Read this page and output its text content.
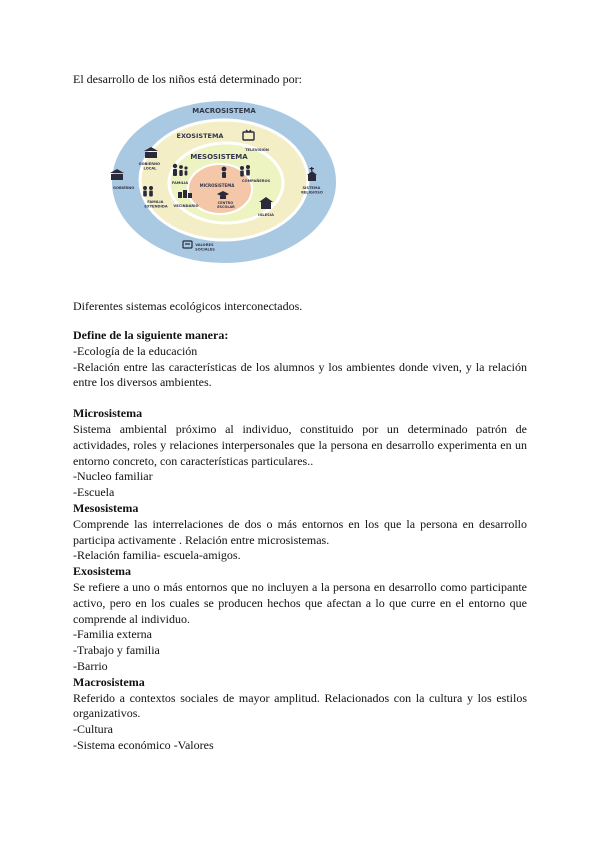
El desarrollo de los niños está determinado por:
MACROSISTEMA
EXOSISTEMA
MESOSISTEMA
MICROSISTEMA
FAMILIA	COMPAÑEROS
VECINDARIO
CENTRO ESCOLAR
GOBIERNO LOCAL
FAMILIA EXTENDIDA
TELEVISIÓN
IGLESIA
GOBIERNO	SISTEMA RELIGIOSO
VALORES SOCIALES
Diferentes sistemas ecológicos interconectados.

Define de la siguiente manera:

-Ecología de la educación

-Relación entre las características de los alumnos y los ambientes donde viven, y la relación entre los diversos ambientes.

Microsistema

Sistema ambiental próximo al individuo, constituido por un determinado patrón de actividades, roles y relaciones interpersonales que la persona en desarrollo experimenta en un entorno concreto, con características particulares..

-Nucleo familiar

-Escuela

Mesosistema

Comprende las interrelaciones de dos o más entornos en los que la persona en desarrollo participa activamente . Relación entre microsistemas.

-Relación familia- escuela-amigos.

Exosistema

Se refiere a uno o más entornos que no incluyen a la persona en desarrollo como participante activo, pero en los cuales se producen hechos que afectan a lo que curre en el entorno que comprende al individuo.

-Familia externa

-Trabajo y familia

-Barrio

Macrosistema

Referido a contextos sociales de mayor amplitud. Relacionados con la cultura y los estilos organizativos.

-Cultura

-Sistema económico -Valores
